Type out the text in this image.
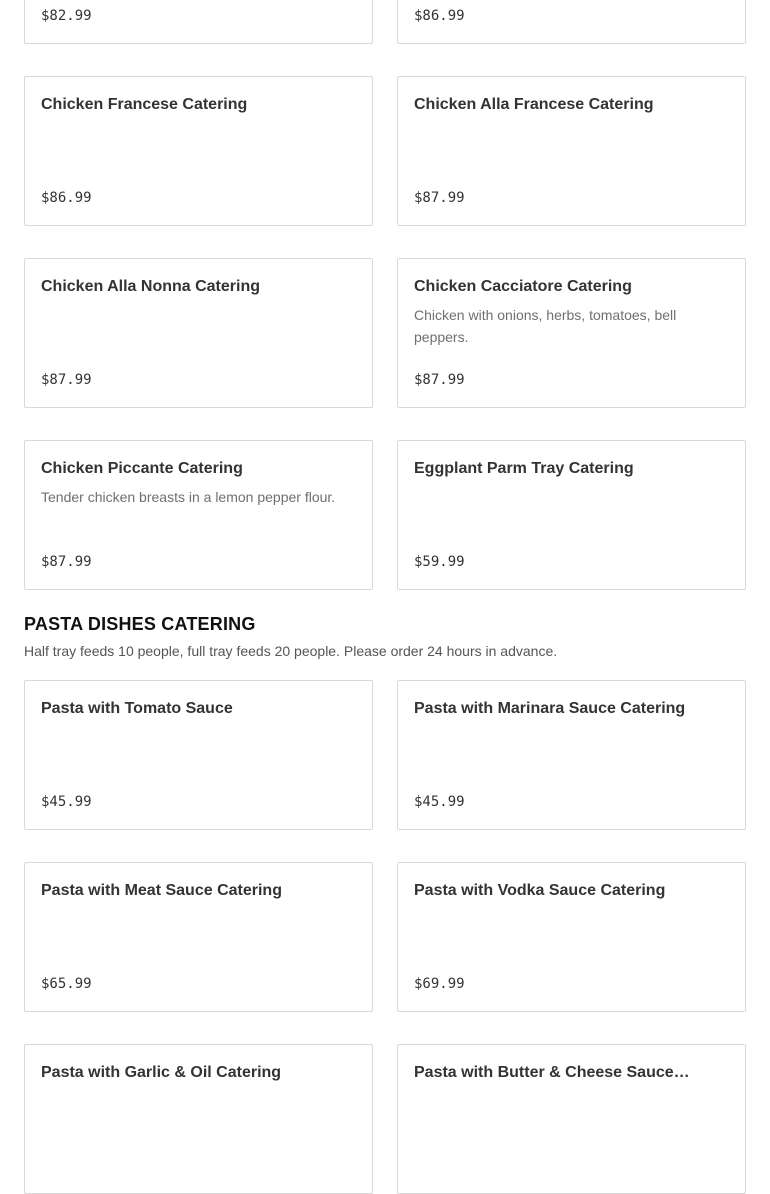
$82.99	$86.99
Chicken Francese Catering
$86.99
Chicken Alla Francese Catering
$87.99
Chicken Alla Nonna Catering
$87.99
Chicken Cacciatore Catering
Chicken with onions, herbs, tomatoes, bell peppers.
$87.99
Chicken Piccante Catering
Tender chicken breasts in a lemon pepper flour.
$87.99
Eggplant Parm Tray Catering
$59.99
PASTA DISHES CATERING
Half tray feeds 10 people, full tray feeds 20 people. Please order 24 hours in advance.
Pasta with Tomato Sauce
$45.99
Pasta with Marinara Sauce Catering
$45.99
Pasta with Meat Sauce Catering
$65.99
Pasta with Vodka Sauce Catering
$69.99
Pasta with Garlic & Oil Catering	Pasta with Butter & Cheese Sauce…
